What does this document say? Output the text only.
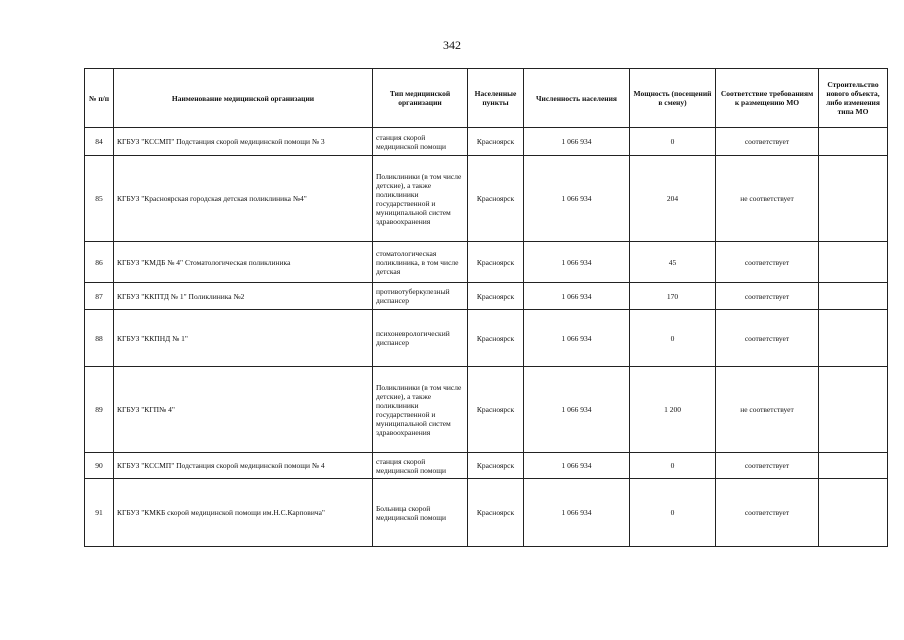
342
№ п/п	Наименование медицинской организации	Тип медицинской организации	Населенные пункты	Численность населения	Мощность (посещений в смену)	Соответствие требованиям к размещению МО	Строительство нового объекта, либо изменения типа МО
84	КГБУЗ "КССМП" Подстанция скорой медицинской помощи № 3	станция скорой медицинской помощи	Красноярск	1 066 934	0	соответствует	
85	КГБУЗ "Красноярская городская детская поликлиника №4"	Поликлиники (в том числе детские), а также поликлиники государственной и муниципальной систем здравоохранения	Красноярск	1 066 934	204	не соответствует	
86	КГБУЗ "КМДБ № 4" Стоматологическая поликлиника	стоматологическая поликлиника, в том числе детская	Красноярск	1 066 934	45	соответствует	
87	КГБУЗ "ККПТД № 1" Поликлиника №2	противотуберкулезный диспансер	Красноярск	1 066 934	170	соответствует	
88	КГБУЗ "ККПНД № 1"	психоневрологический диспансер	Красноярск	1 066 934	0	соответствует	
89	КГБУЗ "КГП№ 4"	Поликлиники (в том числе детские), а также поликлиники государственной и муниципальной систем здравоохранения	Красноярск	1 066 934	1 200	не соответствует	
90	КГБУЗ "КССМП" Подстанция скорой медицинской помощи № 4	станция скорой медицинской помощи	Красноярск	1 066 934	0	соответствует	
91	КГБУЗ "КМКБ скорой медицинской помощи им.Н.С.Карповича"	Больница скорой медицинской помощи	Красноярск	1 066 934	0	соответствует	
